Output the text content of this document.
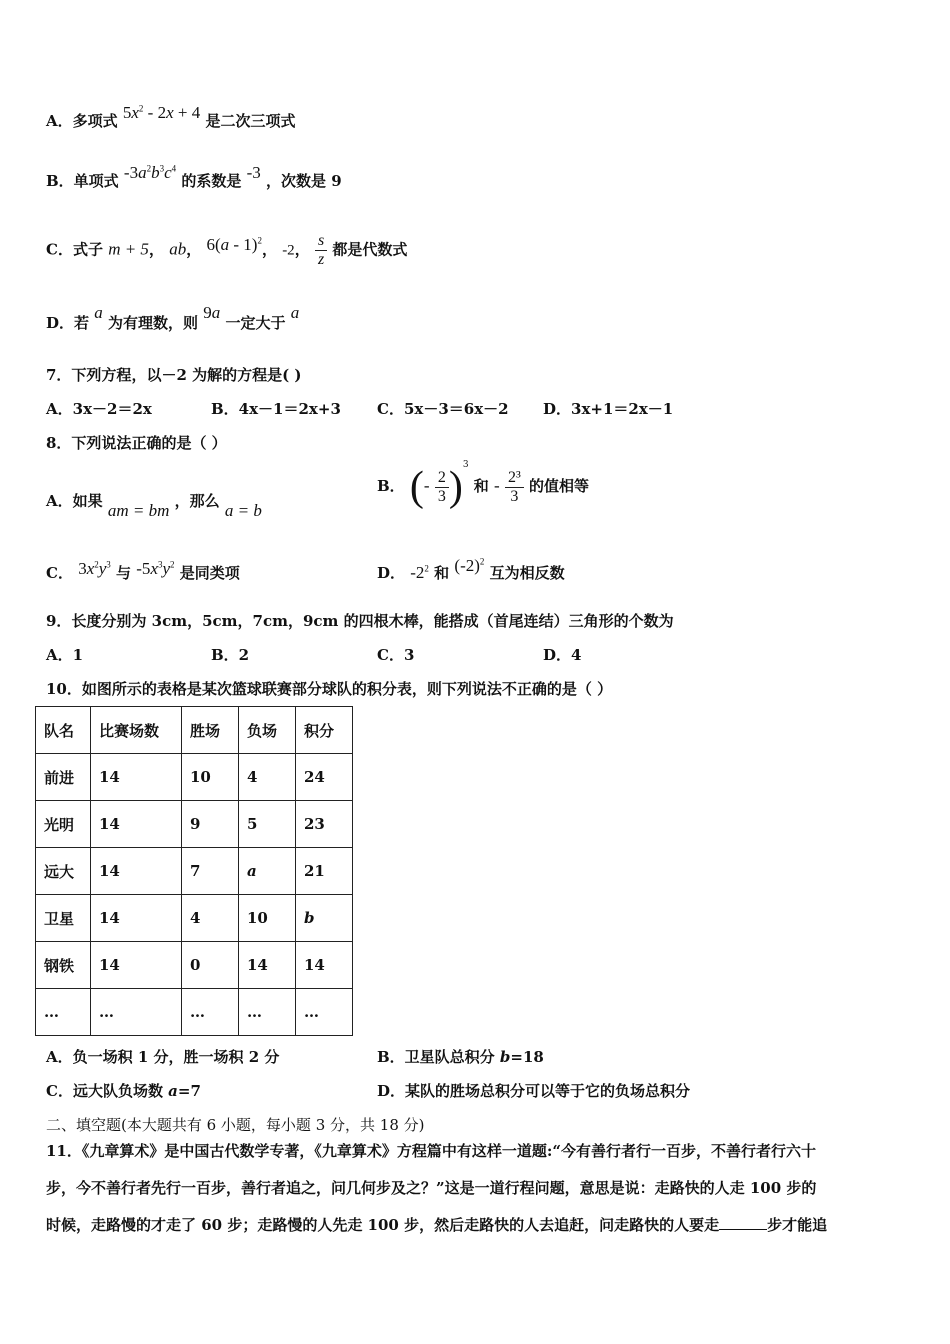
A．多项式 $5x^2 - 2x + 4$ 是二次三项式
B．单项式 $-3a^2b^3c^4$ 的系数是 -3 ，次数是 9
C．式子 m + 5， ab， 6(a - 1)$^2$， -2， $\frac{s}{z}$ 都是代数式
D．若 a 为有理数，则 9a 一定大于 a
7．下列方程，以－2 为解的方程是( )
A．3x－2＝2x	B．4x－1＝2x+3 C．5x－3＝6x－2 D．3x+1＝2x－1
8．下列说法正确的是（ ）
A．如果 am = bm ，那么 a = b
B． (- $\frac{2}{3} )^3$ 和 - $\frac{\text{2³}}{3}$ 的值相等
C． $3x^2y^3$ 与 $-5x^3y^2$ 是同类项	D． $-2^2$ 和 $(-2)^2$ 互为相反数
9．长度分别为 3cm，5cm，7cm，9cm 的四根木棒，能搭成（首尾连结）三角形的个数为
A．1	B．2	C．3	D．4
10．如图所示的表格是某次篮球联赛部分球队的积分表，则下列说法不正确的是（ ）
队名	比赛场数	胜场	负场	积分
前进	14	10	4	24
光明	14	9	5	23
远大	14	7	a	21
卫星	14	4	10	b
钢铁	14	0	14	14
…	…	…	…	…
A．负一场积 1 分，胜一场积 2 分	B．卫星队总积分 b=18
C．远大队负场数 a=7	D．某队的胜场总积分可以等于它的负场总积分
二、填空题(本大题共有 6 小题，每小题 3 分，共 18 分)
11．《九章算术》是中国古代数学专著，《九章算术》方程篇中有这样一道题:“今有善行者行一百步，不善行者行六十
步，今不善行者先行一百步，善行者追之，问几何步及之？”这是一道行程问题，意思是说：走路快的人走 100 步的
时候，走路慢的才走了 60 步；走路慢的人先走 100 步，然后走路快的人去追赶，问走路快的人要走	步才能追
